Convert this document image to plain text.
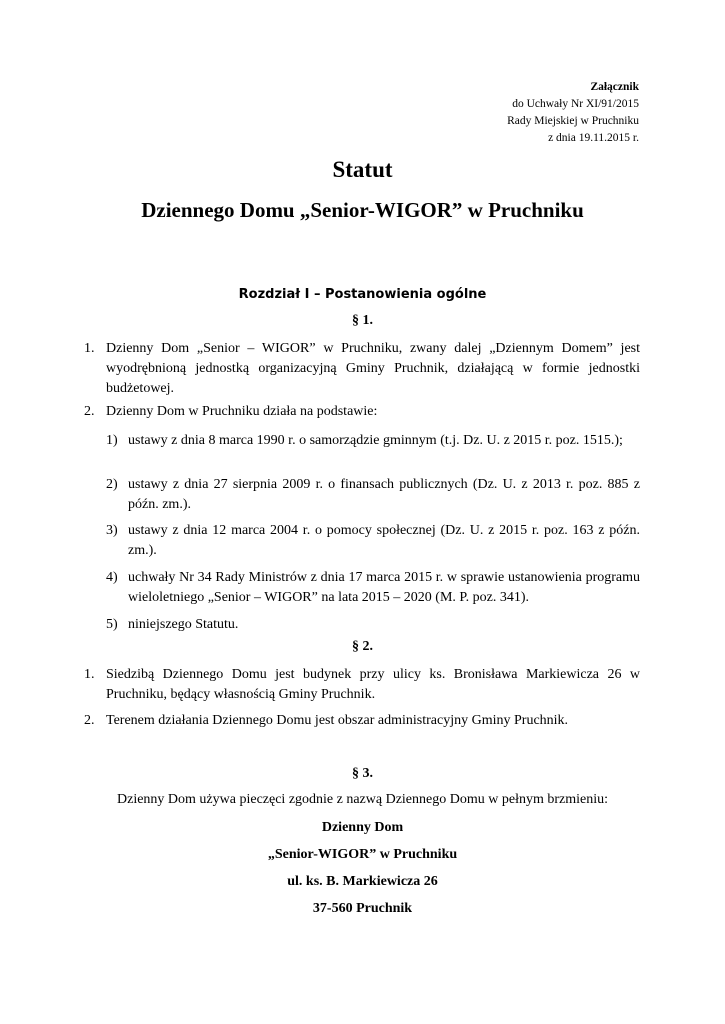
Załącznik
do Uchwały Nr XI/91/2015
Rady Miejskiej w Pruchniku
z dnia 19.11.2015 r.
Statut
Dziennego Domu „Senior-WIGOR” w Pruchniku
Rozdział I – Postanowienia ogólne
§ 1.
1. Dzienny Dom „Senior – WIGOR” w Pruchniku, zwany dalej „Dziennym Domem” jest wyodrębnioną jednostką organizacyjną Gminy Pruchnik, działającą w formie jednostki budżetowej.
2. Dzienny Dom w Pruchniku działa na podstawie:
1) ustawy z dnia 8 marca 1990 r. o samorządzie gminnym (t.j. Dz. U. z 2015 r. poz. 1515.);
2) ustawy z dnia 27 sierpnia 2009 r. o finansach publicznych (Dz. U. z 2013 r. poz. 885 z późn. zm.).
3) ustawy z dnia 12 marca 2004 r. o pomocy społecznej (Dz. U. z 2015 r. poz. 163 z późn. zm.).
4) uchwały Nr 34 Rady Ministrów z dnia 17 marca 2015 r. w sprawie ustanowienia programu wieloletniego „Senior – WIGOR” na lata 2015 – 2020 (M. P. poz. 341).
5) niniejszego Statutu.
§ 2.
1. Siedzibą Dziennego Domu jest budynek przy ulicy ks. Bronisława Markiewicza 26 w Pruchniku, będący własnością Gminy Pruchnik.
2. Terenem działania Dziennego Domu jest obszar administracyjny Gminy Pruchnik.
§ 3.
Dzienny Dom używa pieczęci zgodnie z nazwą Dziennego Domu w pełnym brzmieniu:
Dzienny Dom
„Senior-WIGOR” w Pruchniku
ul. ks. B. Markiewicza 26
37-560 Pruchnik
